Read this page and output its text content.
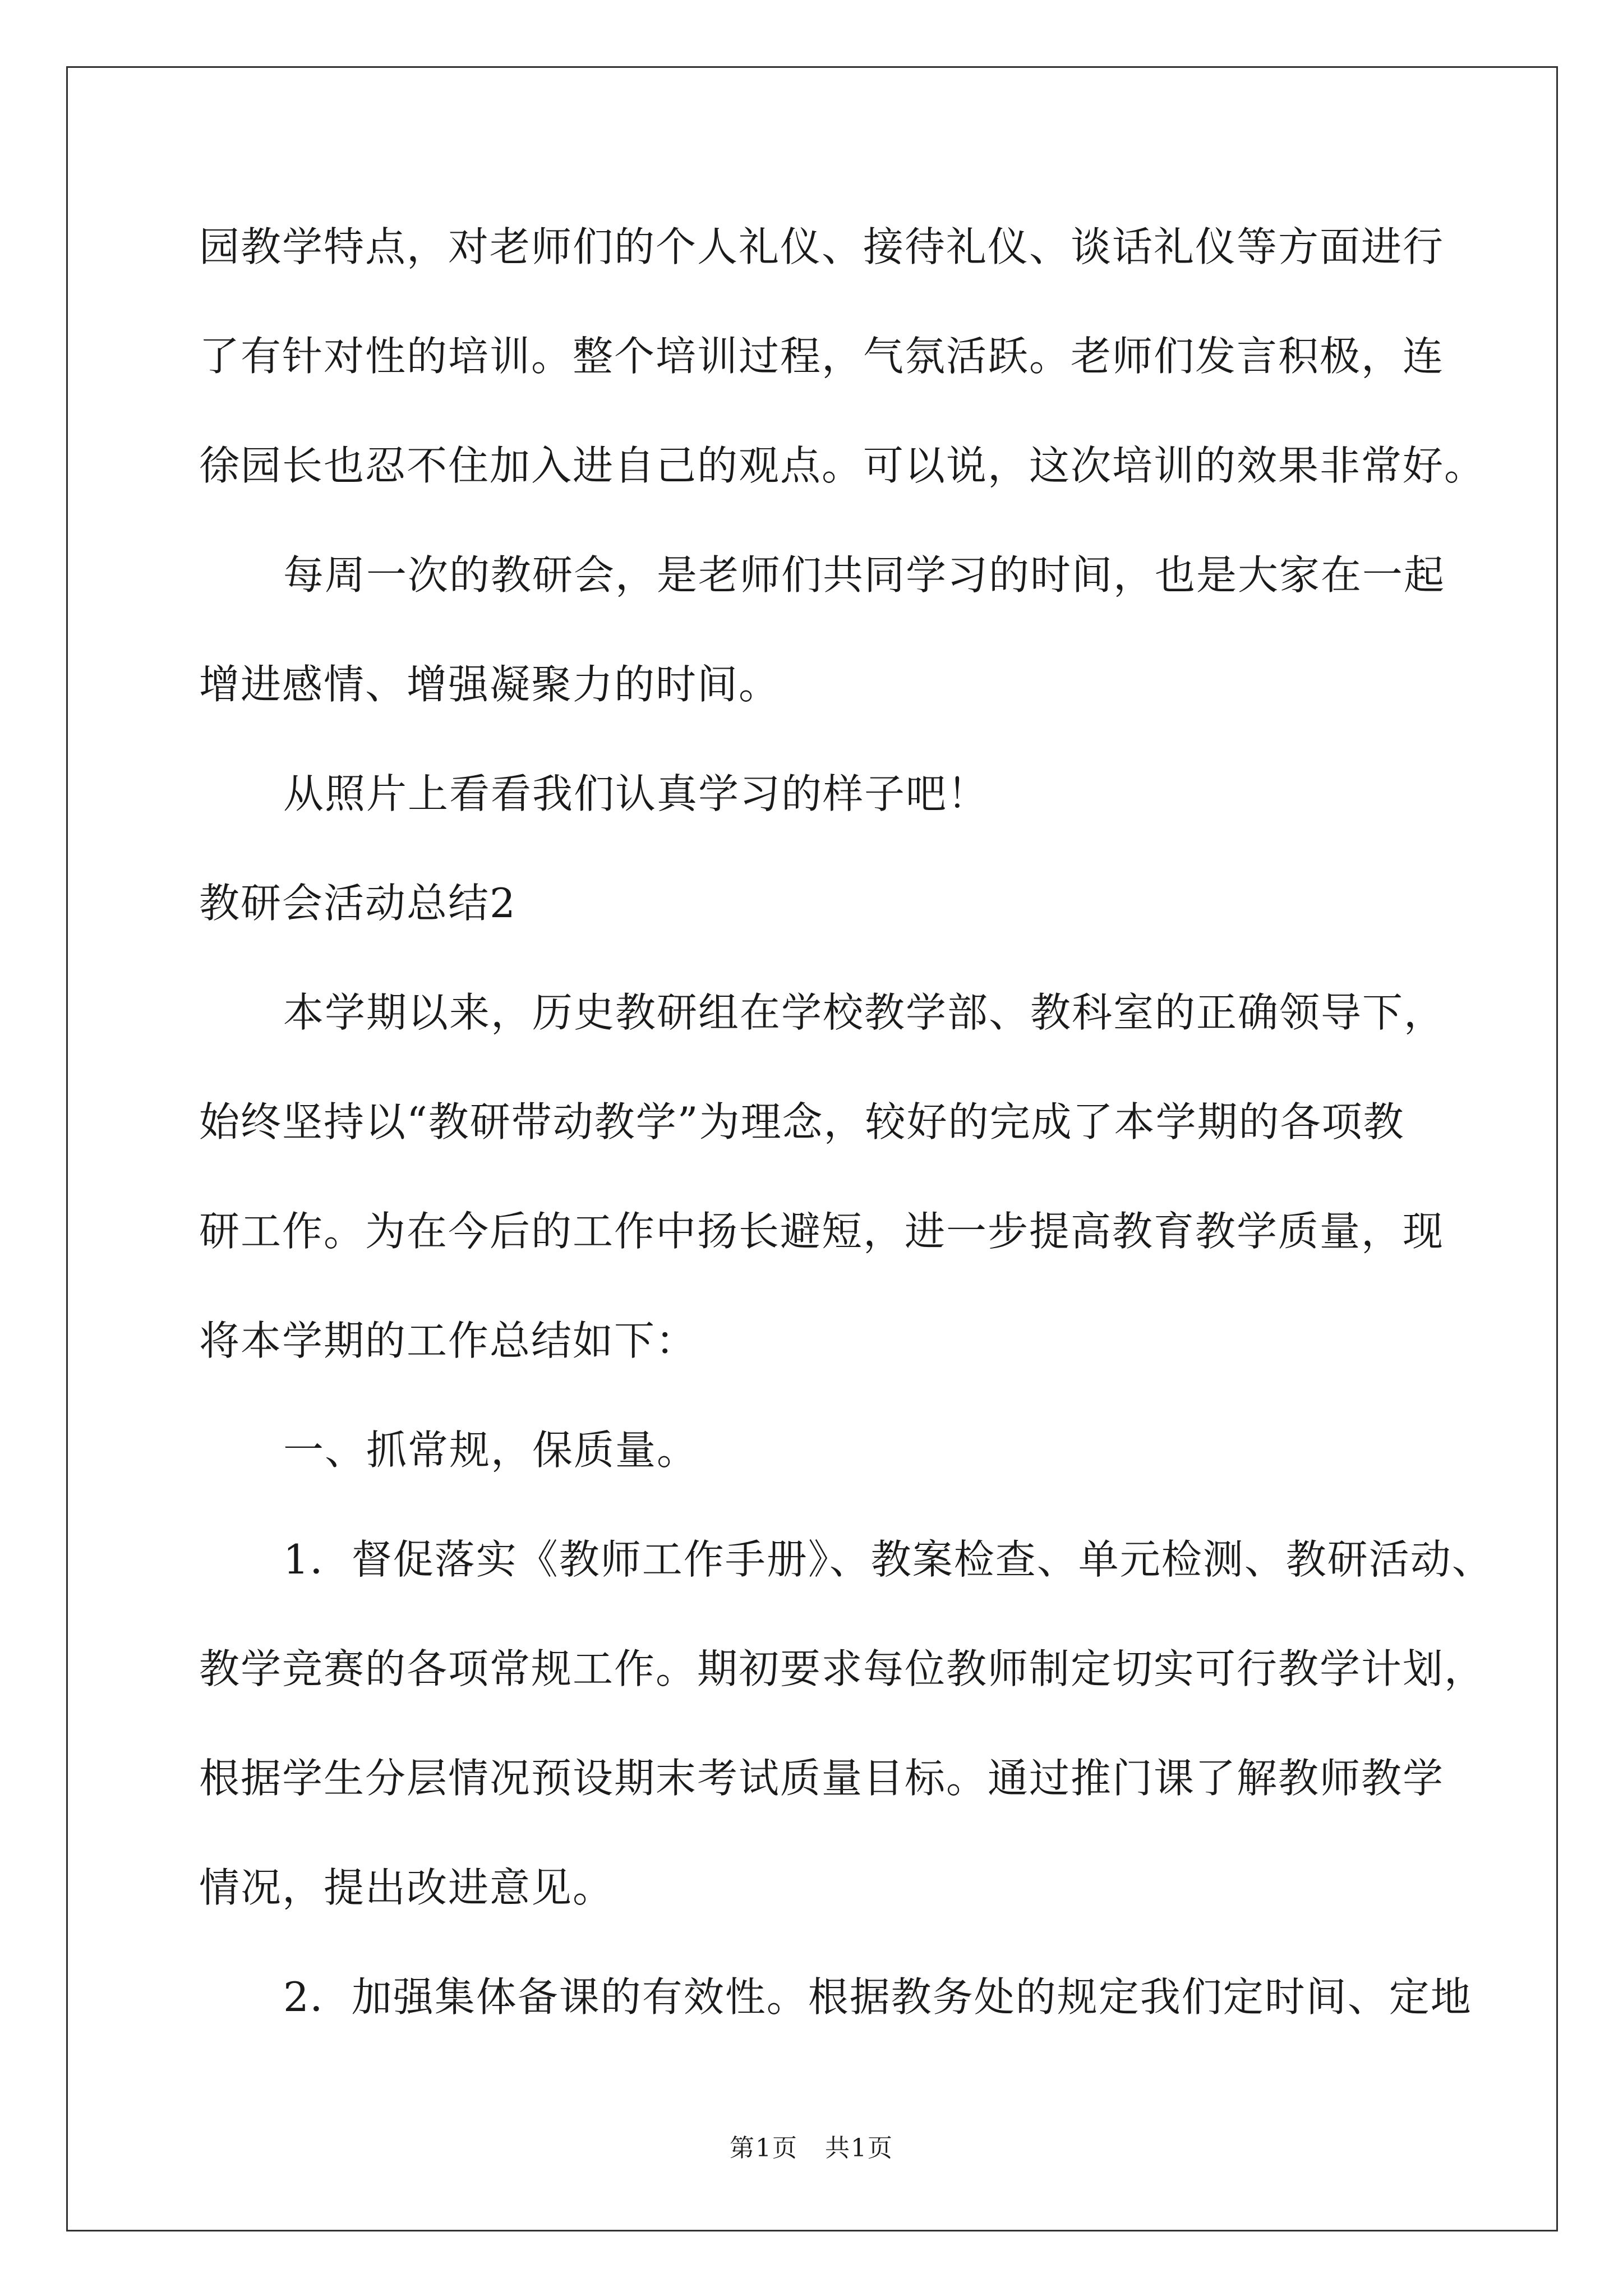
园教学特点，对老师们的个人礼仪、接待礼仪、谈话礼仪等方面进行
了有针对性的培训。整个培训过程，气氛活跃。老师们发言积极，连
徐园长也忍不住加入进自己的观点。可以说，这次培训的效果非常好。
每周一次的教研会，是老师们共同学习的时间，也是大家在一起
增进感情、增强凝聚力的时间。
从照片上看看我们认真学习的样子吧！
教研会活动总结2
本学期以来，历史教研组在学校教学部、教科室的正确领导下，
始终坚持以“教研带动教学”为理念，较好的完成了本学期的各项教
研工作。为在今后的工作中扬长避短，进一步提高教育教学质量，现
将本学期的工作总结如下：
一、抓常规，保质量。
1．督促落实《教师工作手册》、教案检查、单元检测、教研活动、
教学竞赛的各项常规工作。期初要求每位教师制定切实可行教学计划，
根据学生分层情况预设期末考试质量目标。通过推门课了解教师教学
情况，提出改进意见。
2．加强集体备课的有效性。根据教务处的规定我们定时间、定地
第1页 共1页
